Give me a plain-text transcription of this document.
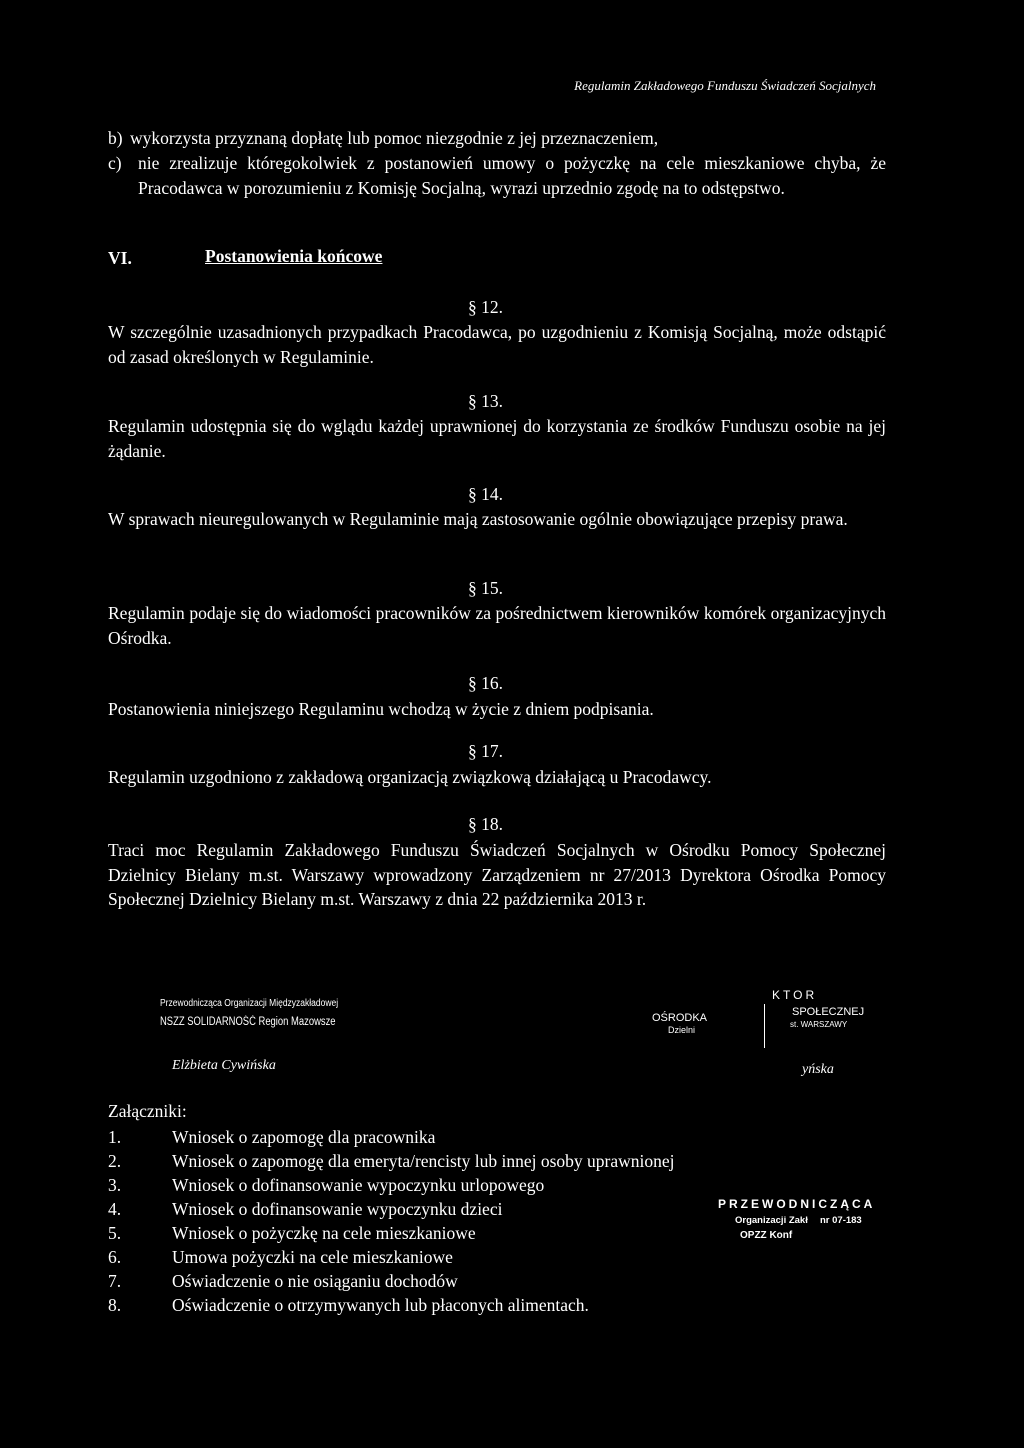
Regulamin Zakładowego Funduszu Świadczeń Socjalnych
b) wykorzysta przyznaną dopłatę lub pomoc niezgodnie z jej przeznaczeniem,
c) nie zrealizuje któregokolwiek z postanowień umowy o pożyczkę na cele mieszkaniowe chyba, że Pracodawca w porozumieniu z Komisję Socjalną, wyrazi uprzednio zgodę na to odstępstwo.
VI.	Postanowienia końcowe
§ 12.
W szczególnie uzasadnionych przypadkach Pracodawca, po uzgodnieniu z Komisją Socjalną, może odstąpić od zasad określonych w Regulaminie.
§ 13.
Regulamin udostępnia się do wglądu każdej uprawnionej do korzystania ze środków Funduszu osobie na jej żądanie.
§ 14.
W sprawach nieuregulowanych w Regulaminie mają zastosowanie ogólnie obowiązujące przepisy prawa.
§ 15.
Regulamin podaje się do wiadomości pracowników za pośrednictwem kierowników komórek organizacyjnych Ośrodka.
§ 16.
Postanowienia niniejszego Regulaminu wchodzą w życie z dniem podpisania.
§ 17.
Regulamin uzgodniono z zakładową organizacją związkową działającą u Pracodawcy.
§ 18.
Traci moc Regulamin Zakładowego Funduszu Świadczeń Socjalnych w Ośrodku Pomocy Społecznej Dzielnicy Bielany m.st. Warszawy wprowadzony Zarządzeniem nr 27/2013 Dyrektora Ośrodka Pomocy Społecznej Dzielnicy Bielany m.st. Warszawy z dnia 22 października 2013 r.
Przewodnicząca Organizacji Międzyzakładowej
NSZZ SOLIDARNOŚĆ Region Mazowsze
Elżbieta Cywińska
OŚRODKA
Dzielni
KTOR
SPOŁECZNEJ
st. WARSZAWY
yńska
Załączniki:
1.	Wniosek o zapomogę dla pracownika
2.	Wniosek o zapomogę dla emeryta/rencisty lub innej osoby uprawnionej
3.	Wniosek o dofinansowanie wypoczynku urlopowego
4.	Wniosek o dofinansowanie wypoczynku dzieci
5.	Wniosek o pożyczkę na cele mieszkaniowe
6.	Umowa pożyczki na cele mieszkaniowe
7.	Oświadczenie o nie osiąganiu dochodów
8.	Oświadczenie o otrzymywanych lub płaconych alimentach.
PRZEWODNICZĄCA
Organizacji Zakł nr 07-183
OPZZ Konf
